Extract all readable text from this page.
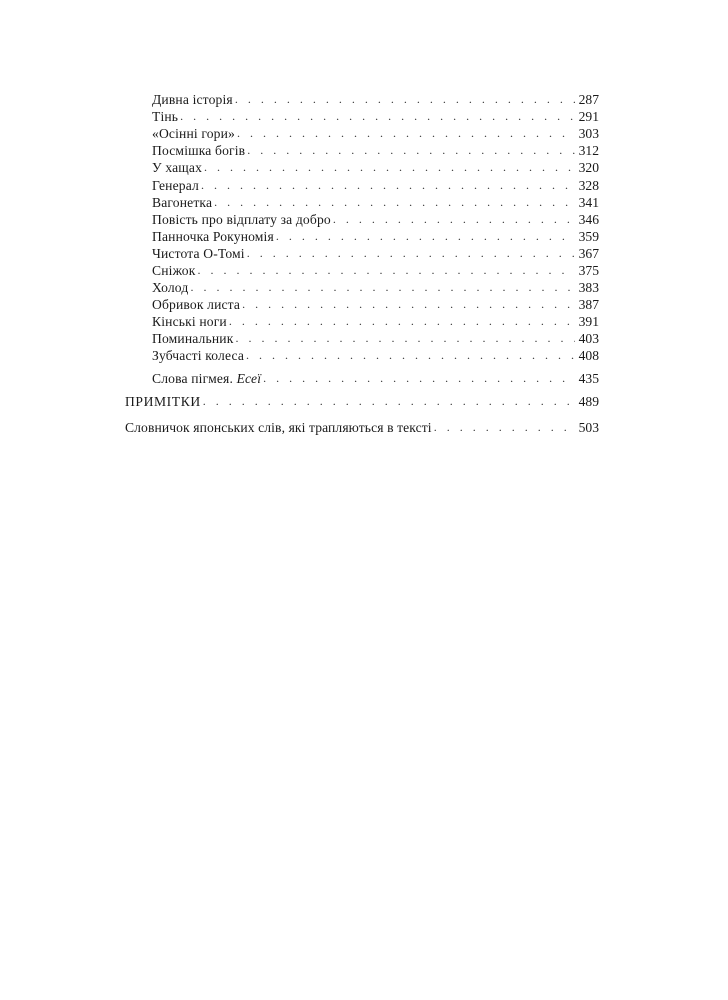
Дивна історія . . .	287
Тінь . . .	291
«Осінні гори» . . .	303
Посмішка богів . . .	312
У хащах . . .	320
Генерал . . .	328
Вагонетка . . .	341
Повість про відплату за добро . . .	346
Панночка Рокуномія . . .	359
Чистота О-Томі . . .	367
Сніжок . . .	375
Холод . . .	383
Обривок листа . . .	387
Кінські ноги . . .	391
Поминальник . . .	403
Зубчасті колеса . . .	408
Слова пігмея. Есеї . . .	435
ПРИМІТКИ . . .	489
Словничок японських слів, які трапляються в тексті . . .	503
